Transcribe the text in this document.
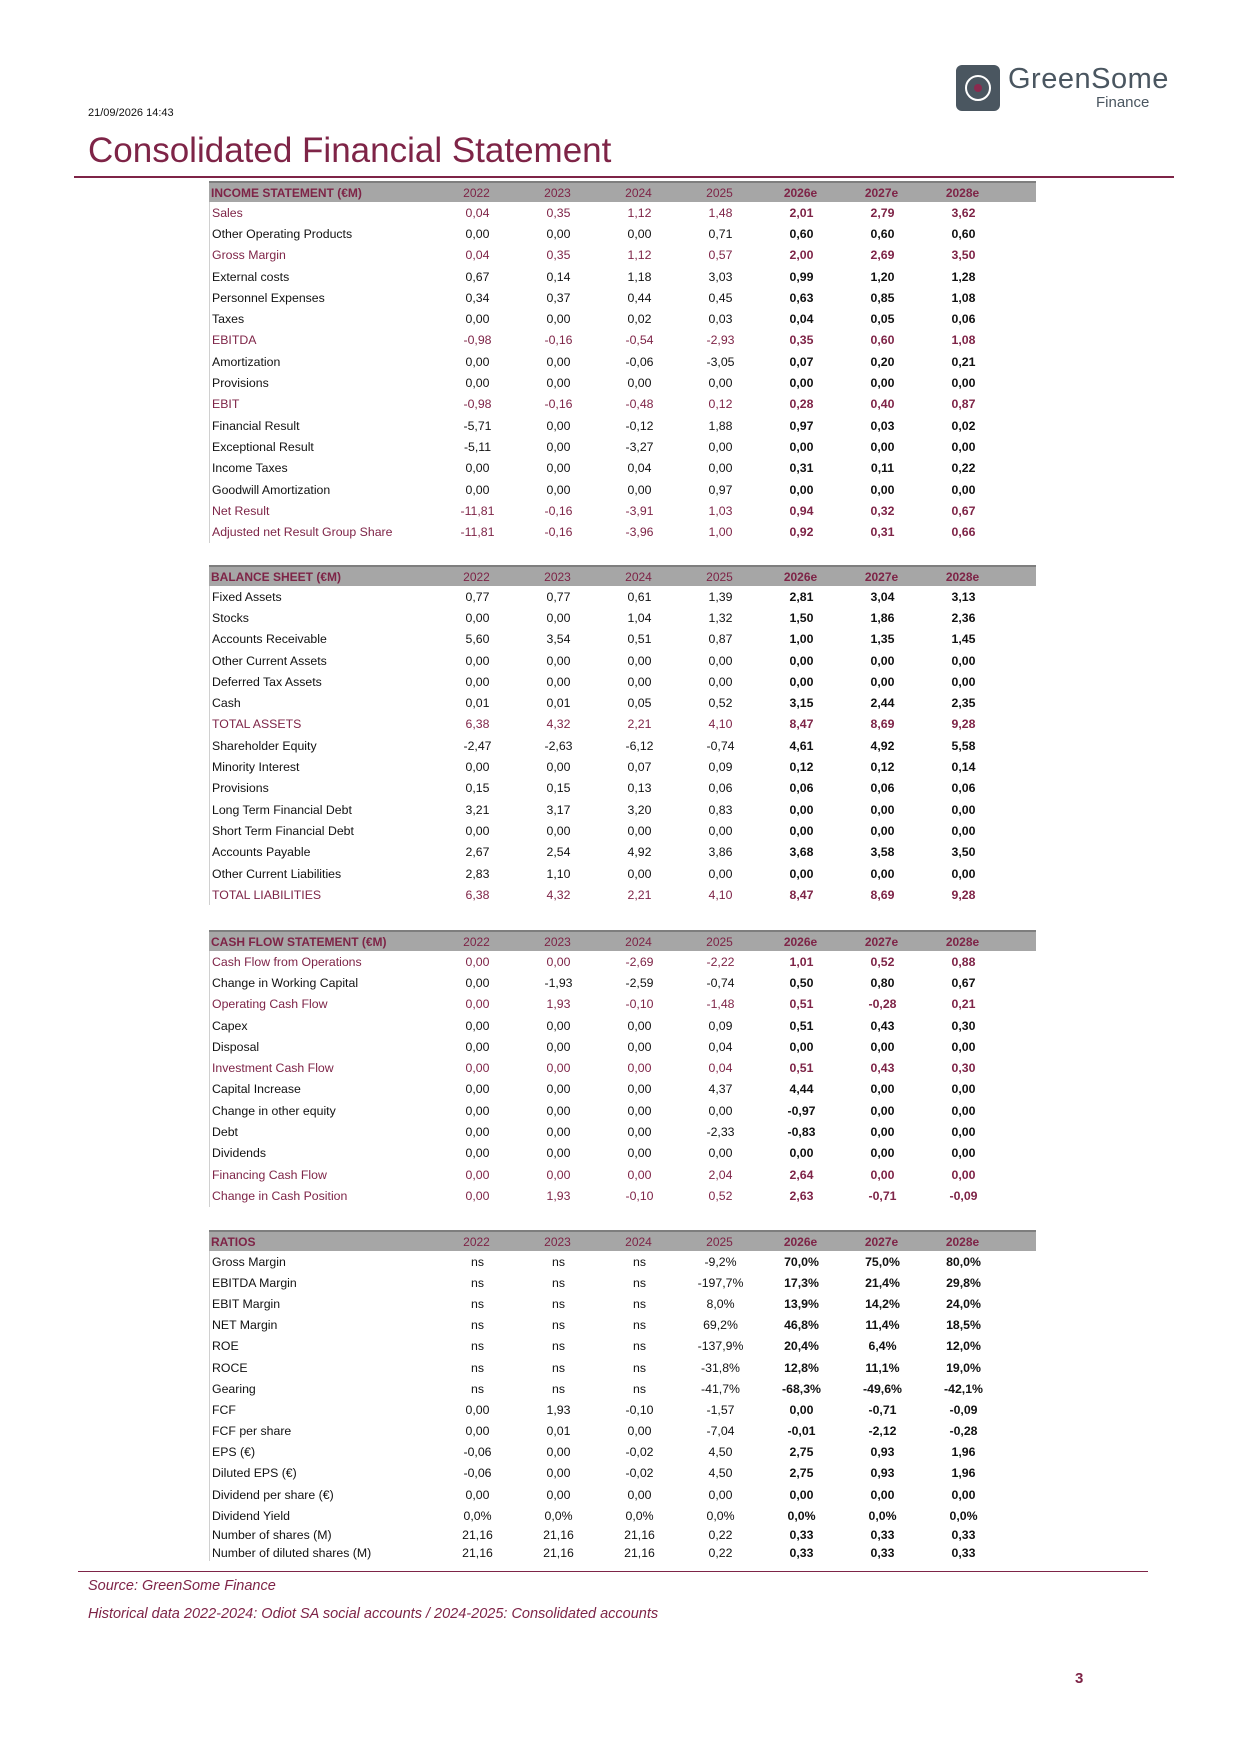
21/09/2026 14:43
GreenSome
Finance
Consolidated Financial Statement
INCOME STATEMENT (€M)	2022	2023	2024	2025	2026e	2027e	2028e
Sales	0,04	0,35	1,12	1,48	2,01	2,79	3,62
Other Operating Products	0,00	0,00	0,00	0,71	0,60	0,60	0,60
Gross Margin	0,04	0,35	1,12	0,57	2,00	2,69	3,50
External costs	0,67	0,14	1,18	3,03	0,99	1,20	1,28
Personnel Expenses	0,34	0,37	0,44	0,45	0,63	0,85	1,08
Taxes	0,00	0,00	0,02	0,03	0,04	0,05	0,06
EBITDA	-0,98	-0,16	-0,54	-2,93	0,35	0,60	1,08
Amortization	0,00	0,00	-0,06	-3,05	0,07	0,20	0,21
Provisions	0,00	0,00	0,00	0,00	0,00	0,00	0,00
EBIT	-0,98	-0,16	-0,48	0,12	0,28	0,40	0,87
Financial Result	-5,71	0,00	-0,12	1,88	0,97	0,03	0,02
Exceptional Result	-5,11	0,00	-3,27	0,00	0,00	0,00	0,00
Income Taxes	0,00	0,00	0,04	0,00	0,31	0,11	0,22
Goodwill Amortization	0,00	0,00	0,00	0,97	0,00	0,00	0,00
Net Result	-11,81	-0,16	-3,91	1,03	0,94	0,32	0,67
Adjusted net Result Group Share	-11,81	-0,16	-3,96	1,00	0,92	0,31	0,66
BALANCE SHEET (€M)	2022	2023	2024	2025	2026e	2027e	2028e
Fixed Assets	0,77	0,77	0,61	1,39	2,81	3,04	3,13
Stocks	0,00	0,00	1,04	1,32	1,50	1,86	2,36
Accounts Receivable	5,60	3,54	0,51	0,87	1,00	1,35	1,45
Other Current Assets	0,00	0,00	0,00	0,00	0,00	0,00	0,00
Deferred Tax Assets	0,00	0,00	0,00	0,00	0,00	0,00	0,00
Cash	0,01	0,01	0,05	0,52	3,15	2,44	2,35
TOTAL ASSETS	6,38	4,32	2,21	4,10	8,47	8,69	9,28
Shareholder Equity	-2,47	-2,63	-6,12	-0,74	4,61	4,92	5,58
Minority Interest	0,00	0,00	0,07	0,09	0,12	0,12	0,14
Provisions	0,15	0,15	0,13	0,06	0,06	0,06	0,06
Long Term Financial Debt	3,21	3,17	3,20	0,83	0,00	0,00	0,00
Short Term Financial Debt	0,00	0,00	0,00	0,00	0,00	0,00	0,00
Accounts Payable	2,67	2,54	4,92	3,86	3,68	3,58	3,50
Other Current Liabilities	2,83	1,10	0,00	0,00	0,00	0,00	0,00
TOTAL LIABILITIES	6,38	4,32	2,21	4,10	8,47	8,69	9,28
CASH FLOW STATEMENT (€M)	2022	2023	2024	2025	2026e	2027e	2028e
Cash Flow from Operations	0,00	0,00	-2,69	-2,22	1,01	0,52	0,88
Change in Working Capital	0,00	-1,93	-2,59	-0,74	0,50	0,80	0,67
Operating Cash Flow	0,00	1,93	-0,10	-1,48	0,51	-0,28	0,21
Capex	0,00	0,00	0,00	0,09	0,51	0,43	0,30
Disposal	0,00	0,00	0,00	0,04	0,00	0,00	0,00
Investment Cash Flow	0,00	0,00	0,00	0,04	0,51	0,43	0,30
Capital Increase	0,00	0,00	0,00	4,37	4,44	0,00	0,00
Change in other equity	0,00	0,00	0,00	0,00	-0,97	0,00	0,00
Debt	0,00	0,00	0,00	-2,33	-0,83	0,00	0,00
Dividends	0,00	0,00	0,00	0,00	0,00	0,00	0,00
Financing Cash Flow	0,00	0,00	0,00	2,04	2,64	0,00	0,00
Change in Cash Position	0,00	1,93	-0,10	0,52	2,63	-0,71	-0,09
RATIOS	2022	2023	2024	2025	2026e	2027e	2028e
Gross Margin	ns	ns	ns	-9,2%	70,0%	75,0%	80,0%
EBITDA Margin	ns	ns	ns	-197,7%	17,3%	21,4%	29,8%
EBIT Margin	ns	ns	ns	8,0%	13,9%	14,2%	24,0%
NET Margin	ns	ns	ns	69,2%	46,8%	11,4%	18,5%
ROE	ns	ns	ns	-137,9%	20,4%	6,4%	12,0%
ROCE	ns	ns	ns	-31,8%	12,8%	11,1%	19,0%
Gearing	ns	ns	ns	-41,7%	-68,3%	-49,6%	-42,1%
FCF	0,00	1,93	-0,10	-1,57	0,00	-0,71	-0,09
FCF per share	0,00	0,01	0,00	-7,04	-0,01	-2,12	-0,28
EPS (€)	-0,06	0,00	-0,02	4,50	2,75	0,93	1,96
Diluted EPS (€)	-0,06	0,00	-0,02	4,50	2,75	0,93	1,96
Dividend per share (€)	0,00	0,00	0,00	0,00	0,00	0,00	0,00
Dividend Yield	0,0%	0,0%	0,0%	0,0%	0,0%	0,0%	0,0%
Number of shares (M)	21,16	21,16	21,16	0,22	0,33	0,33	0,33
Number of diluted shares (M)	21,16	21,16	21,16	0,22	0,33	0,33	0,33
Source: GreenSome Finance
Historical data 2022-2024: Odiot SA social accounts / 2024-2025: Consolidated accounts
3
